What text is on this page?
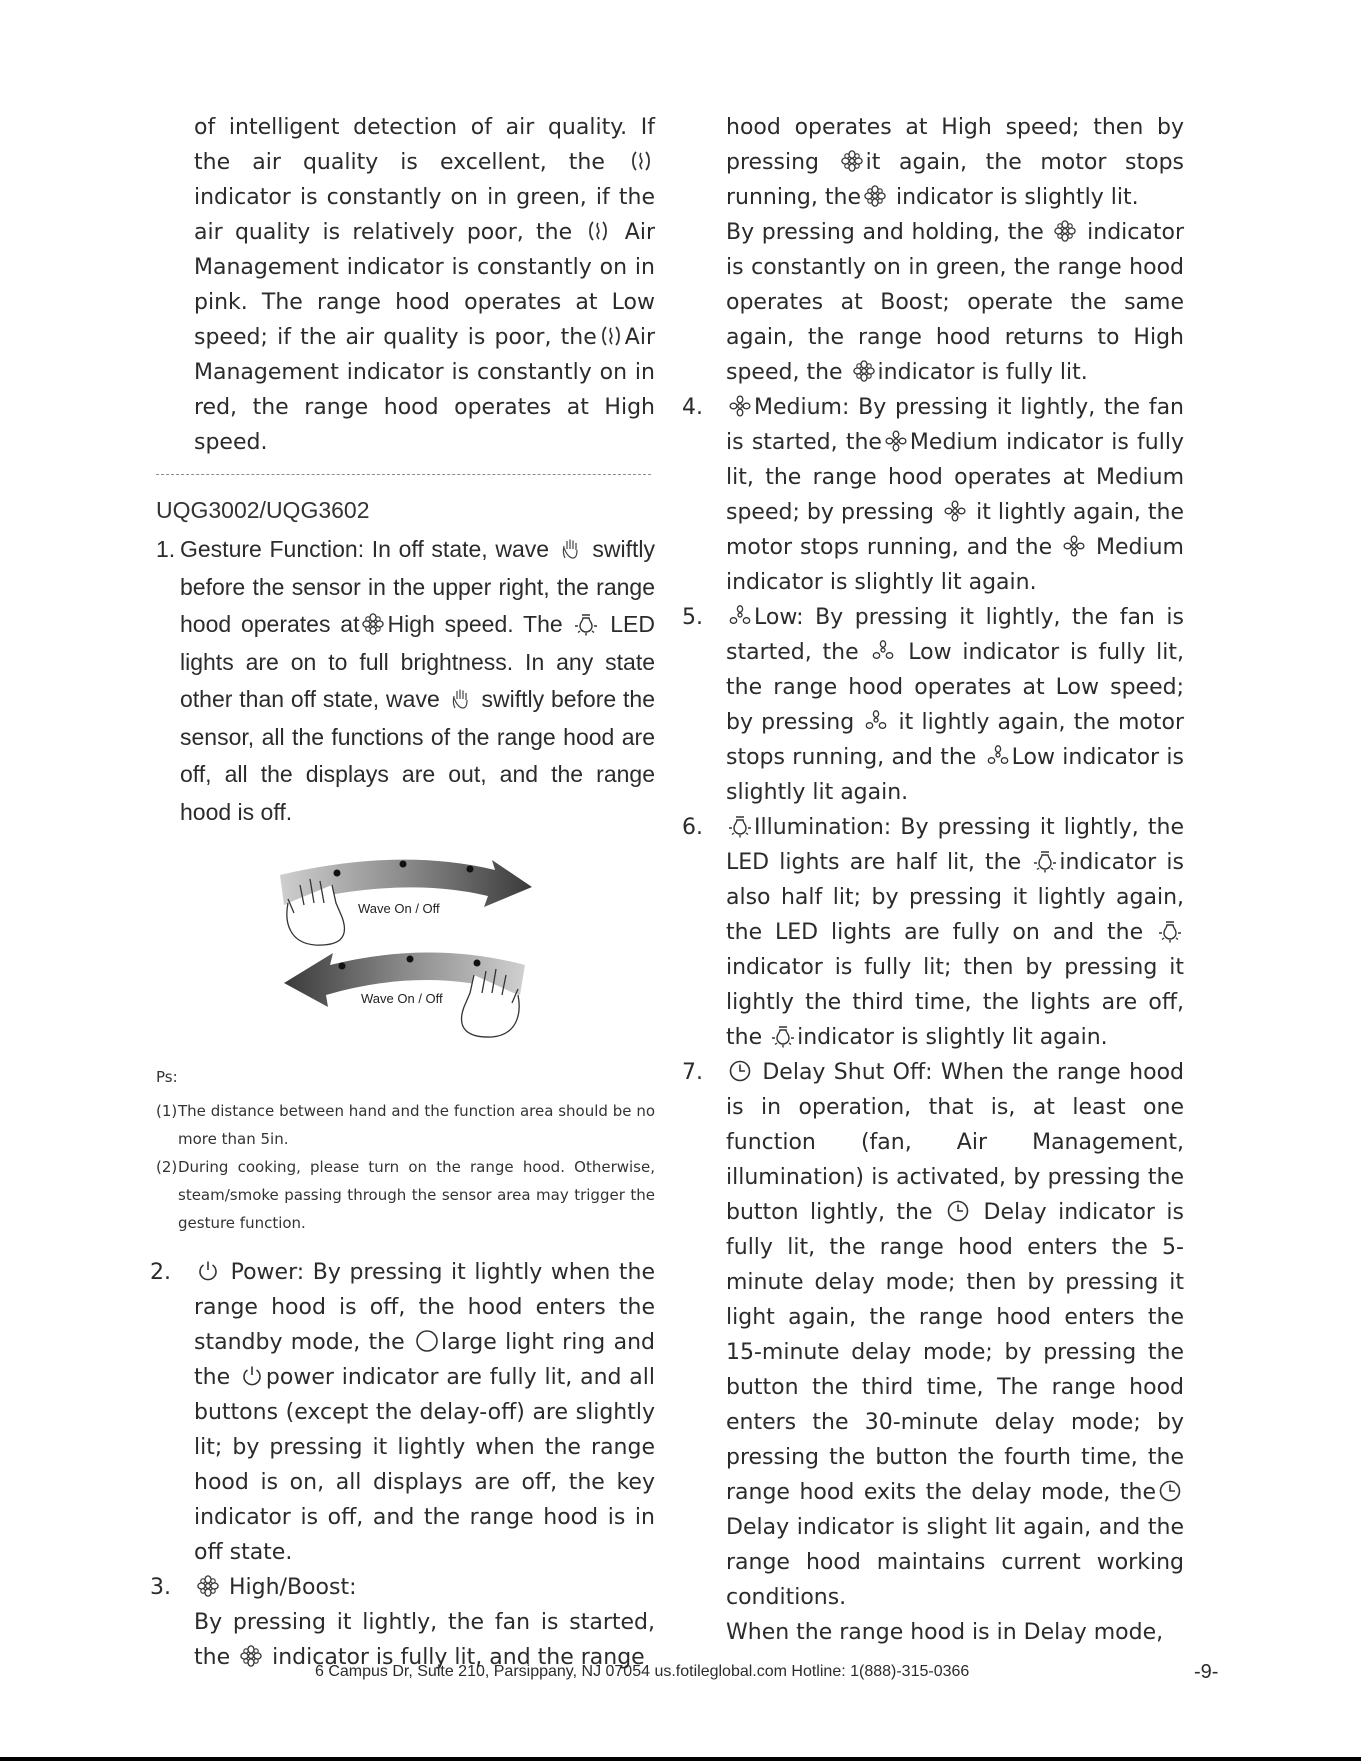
of intelligent detection of air quality. If the air quality is excellent, the
indicator is constantly on in green, if the air quality is relatively poor, the
Air Management indicator is constantly on in pink. The range hood operates at Low speed; if the air quality is poor, the Air Management indicator is constantly on in red, the range hood operates at High speed.

UQG3002/UQG3602
1. Gesture Function: In off state, wave
swiftly before the sensor in the upper right, the range hood operates at High speed. The
LED lights are on to full brightness. In any state other than off state, wave
swiftly before the sensor, all the functions of the range hood are off, all the displays are out, and the range hood is off.

Wave On / Off
Wave On / Off
Ps:
(1) The distance between hand and the function area should be no more than 5in.
(2) During cooking, please turn on the range hood. Otherwise, steam/smoke passing through the sensor area may trigger the gesture function.
2.	Power: By pressing it lightly when the range hood is off, the hood enters the standby mode, the
large light ring and the
power indicator are fully lit, and all buttons (except the delay-off) are slightly lit; by pressing it lightly when the range hood is on, all displays are off, the key indicator is off, and the range hood is in off state.

3.	High/Boost:

By pressing it lightly, the fan is started, the
indicator is fully lit, and the range

hood operates at High speed; then by pressing
it again, the motor stops running, the
indicator is slightly lit.

By pressing and holding, the
indicator is constantly on in green, the range hood operates at Boost; operate the same again, the range hood returns to High speed, the
indicator is fully lit.

4.	Medium: By pressing it lightly, the fan is started, the Medium indicator is fully lit, the range hood operates at Medium speed; by pressing
it lightly again, the motor stops running, and the
Medium indicator is slightly lit again.

5.	Low: By pressing it lightly, the fan is started, the
Low indicator is fully lit, the range hood operates at Low speed; by pressing
it lightly again, the motor stops running, and the
Low indicator is slightly lit again.

6.	Illumination: By pressing it lightly, the LED lights are half lit, the
indicator is also half lit; by pressing it lightly again, the LED lights are fully on and the
indicator is fully lit; then by pressing it lightly the third time, the lights are off, the
indicator is slightly lit again.

7.	Delay Shut Off: When the range hood is in operation, that is, at least one function (fan, Air Management, illumination) is activated, by pressing the button lightly, the
Delay indicator is fully lit, the range hood enters the 5-minute delay mode; then by pressing it light again, the range hood enters the 15-minute delay mode; by pressing the button the third time, The range hood enters the 30-minute delay mode; by pressing the button the fourth time, the range hood exits the delay mode, the
Delay indicator is slight lit again, and the range hood maintains current working conditions.

When the range hood is in Delay mode,

6 Campus Dr, Suite 210, Parsippany, NJ 07054 us.fotileglobal.com Hotline: 1(888)-315-0366	-9-
